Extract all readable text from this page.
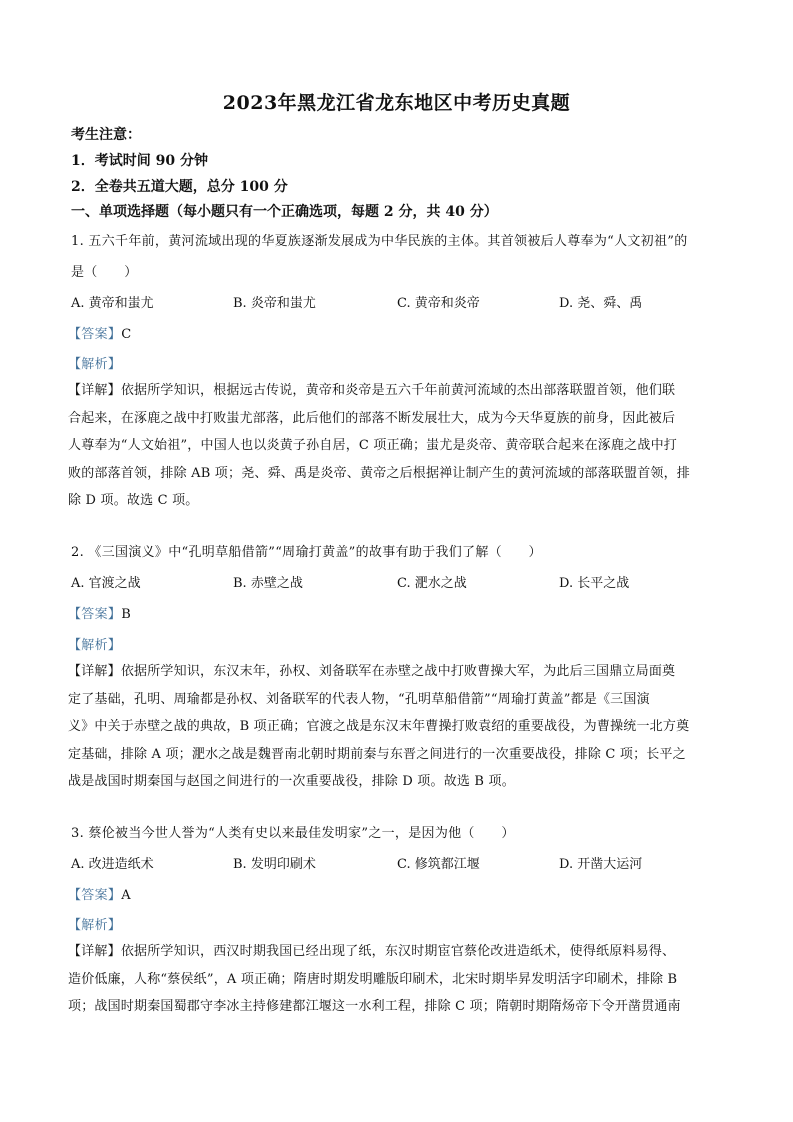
2023年黑龙江省龙东地区中考历史真题
考生注意：
1．考试时间 90 分钟
2．全卷共五道大题，总分 100 分
一、单项选择题（每小题只有一个正确选项，每题 2 分，共 40 分）
1. 五六千年前，黄河流域出现的华夏族逐渐发展成为中华民族的主体。其首领被后人尊奉为“人文初祖”的
是（　　）
A. 黄帝和蚩尤	B. 炎帝和蚩尤	C. 黄帝和炎帝	D. 尧、舜、禹
【答案】C
【解析】
【详解】依据所学知识，根据远古传说，黄帝和炎帝是五六千年前黄河流域的杰出部落联盟首领，他们联
合起来，在涿鹿之战中打败蚩尤部落，此后他们的部落不断发展壮大，成为今天华夏族的前身，因此被后
人尊奉为“人文始祖”，中国人也以炎黄子孙自居，C 项正确；蚩尤是炎帝、黄帝联合起来在涿鹿之战中打
败的部落首领，排除 AB 项；尧、舜、禹是炎帝、黄帝之后根据禅让制产生的黄河流域的部落联盟首领，排
除 D 项。故选 C 项。
2. 《三国演义》中“孔明草船借箭”“周瑜打黄盖”的故事有助于我们了解（　　）
A. 官渡之战	B. 赤壁之战	C. 淝水之战	D. 长平之战
【答案】B
【解析】
【详解】依据所学知识，东汉末年，孙权、刘备联军在赤壁之战中打败曹操大军，为此后三国鼎立局面奠
定了基础，孔明、周瑜都是孙权、刘备联军的代表人物，“孔明草船借箭”“周瑜打黄盖”都是《三国演
义》中关于赤壁之战的典故，B 项正确；官渡之战是东汉末年曹操打败袁绍的重要战役，为曹操统一北方奠
定基础，排除 A 项；淝水之战是魏晋南北朝时期前秦与东晋之间进行的一次重要战役，排除 C 项；长平之
战是战国时期秦国与赵国之间进行的一次重要战役，排除 D 项。故选 B 项。
3. 蔡伦被当今世人誉为“人类有史以来最佳发明家”之一，是因为他（　　）
A. 改进造纸术	B. 发明印刷术	C. 修筑都江堰	D. 开凿大运河
【答案】A
【解析】
【详解】依据所学知识，西汉时期我国已经出现了纸，东汉时期宦官蔡伦改进造纸术，使得纸原料易得、
造价低廉，人称“蔡侯纸”，A 项正确；隋唐时期发明雕版印刷术，北宋时期毕昇发明活字印刷术，排除 B
项；战国时期秦国蜀郡守李冰主持修建都江堰这一水利工程，排除 C 项；隋朝时期隋炀帝下令开凿贯通南
